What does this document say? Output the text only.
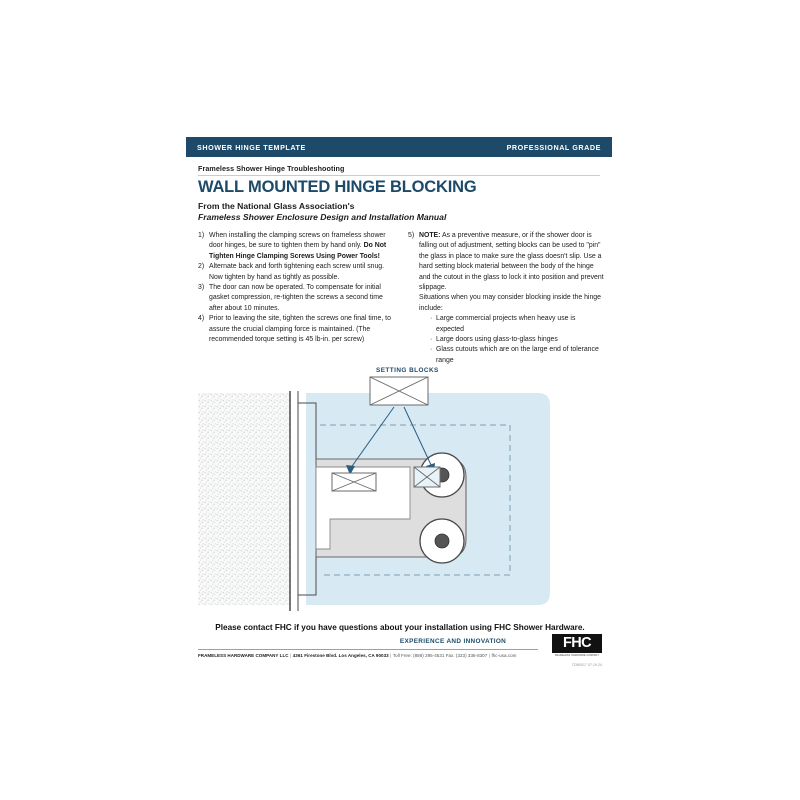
SHOWER HINGE TEMPLATE	PROFESSIONAL GRADE
Frameless Shower Hinge Troubleshooting
WALL MOUNTED HINGE BLOCKING
From the National Glass Association's
Frameless Shower Enclosure Design and Installation Manual
1) When installing the clamping screws on frameless shower door hinges, be sure to tighten them by hand only. Do Not Tighten Hinge Clamping Screws Using Power Tools!
2) Alternate back and forth tightening each screw until snug. Now tighten by hand as tightly as possible.
3) The door can now be operated. To compensate for initial gasket compression, re-tighten the screws a second time after about 10 minutes.
4) Prior to leaving the site, tighten the screws one final time, to assure the crucial clamping force is maintained. (The recommended torque setting is 45 lb-in. per screw)
5) NOTE: As a preventive measure, or if the shower door is falling out of adjustment, setting blocks can be used to "pin" the glass in place to make sure the glass doesn't slip. Use a hard setting block material between the body of the hinge and the cutout in the glass to lock it into position and prevent slippage.
Situations when you may consider blocking inside the hinge include:
· Large commercial projects when heavy use is expected
· Large doors using glass-to-glass hinges
· Glass cutouts which are on the large end of tolerance range
SETTING BLOCKS
Please contact FHC if you have questions about your installation using FHC Shower Hardware.
EXPERIENCE AND INNOVATION
FRAMELESS HARDWARE COMPANY LLC | 4361 Firestone Blvd. Los Angeles, CA 90033 | Toll Free: (888) 295-4531 Fax: (323) 336-8307 | fhc-usa.com
FHC	®
FRAMELESS HARDWARE COMPANY
TDB0017 07.19.24
